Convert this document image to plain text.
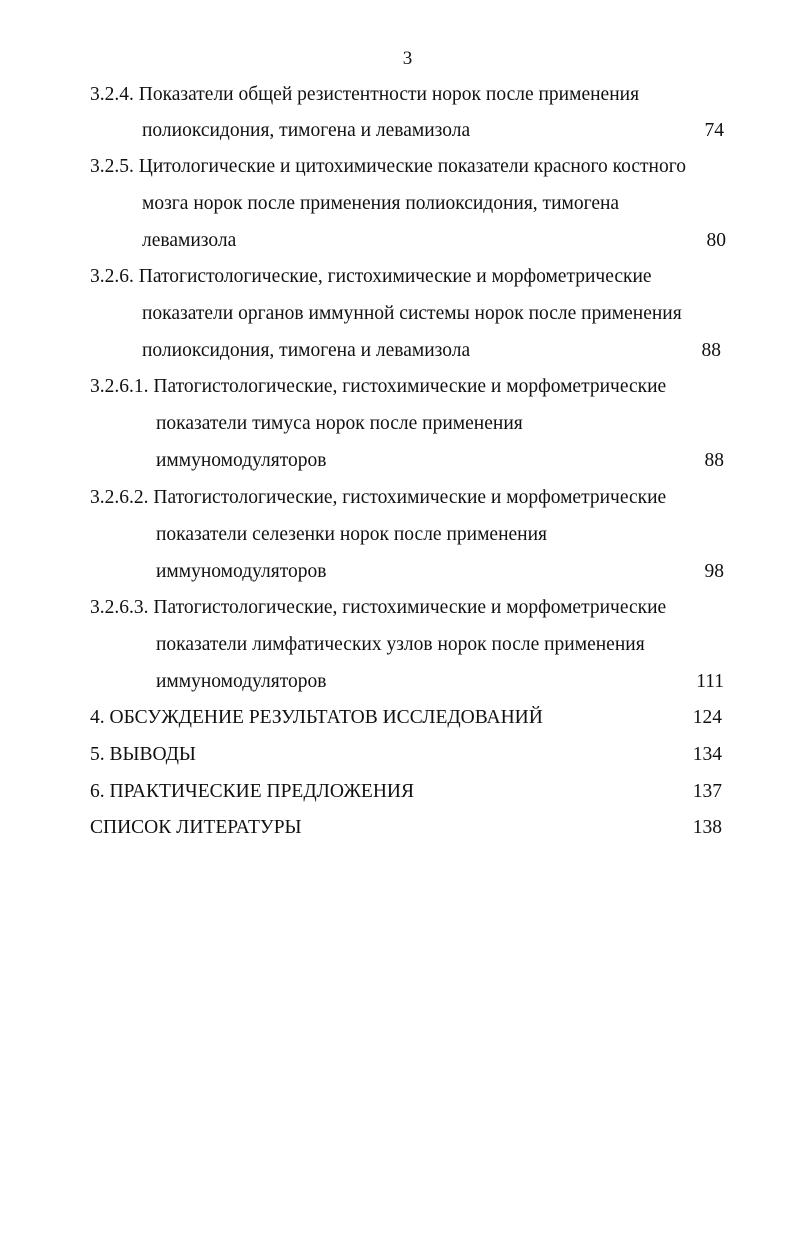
3
3.2.4. Показатели общей резистентности норок после применения
полиоксидония, тимогена и левамизола	74
3.2.5. Цитологические и цитохимические показатели красного костного
мозга норок после применения полиоксидония, тимогена
левамизола	80
3.2.6. Патогистологические, гистохимические и морфометрические
показатели органов иммунной системы норок после применения
полиоксидония, тимогена и левамизола	88
3.2.6.1. Патогистологические, гистохимические и морфометрические
показатели тимуса норок после применения
иммуномодуляторов	88
3.2.6.2. Патогистологические, гистохимические и морфометрические
показатели селезенки норок после применения
иммуномодуляторов	98
3.2.6.3. Патогистологические, гистохимические и морфометрические
показатели лимфатических узлов норок после применения
иммуномодуляторов	111
4. ОБСУЖДЕНИЕ РЕЗУЛЬТАТОВ ИССЛЕДОВАНИЙ	124
5. ВЫВОДЫ	134
6. ПРАКТИЧЕСКИЕ ПРЕДЛОЖЕНИЯ	137
СПИСОК ЛИТЕРАТУРЫ	138
